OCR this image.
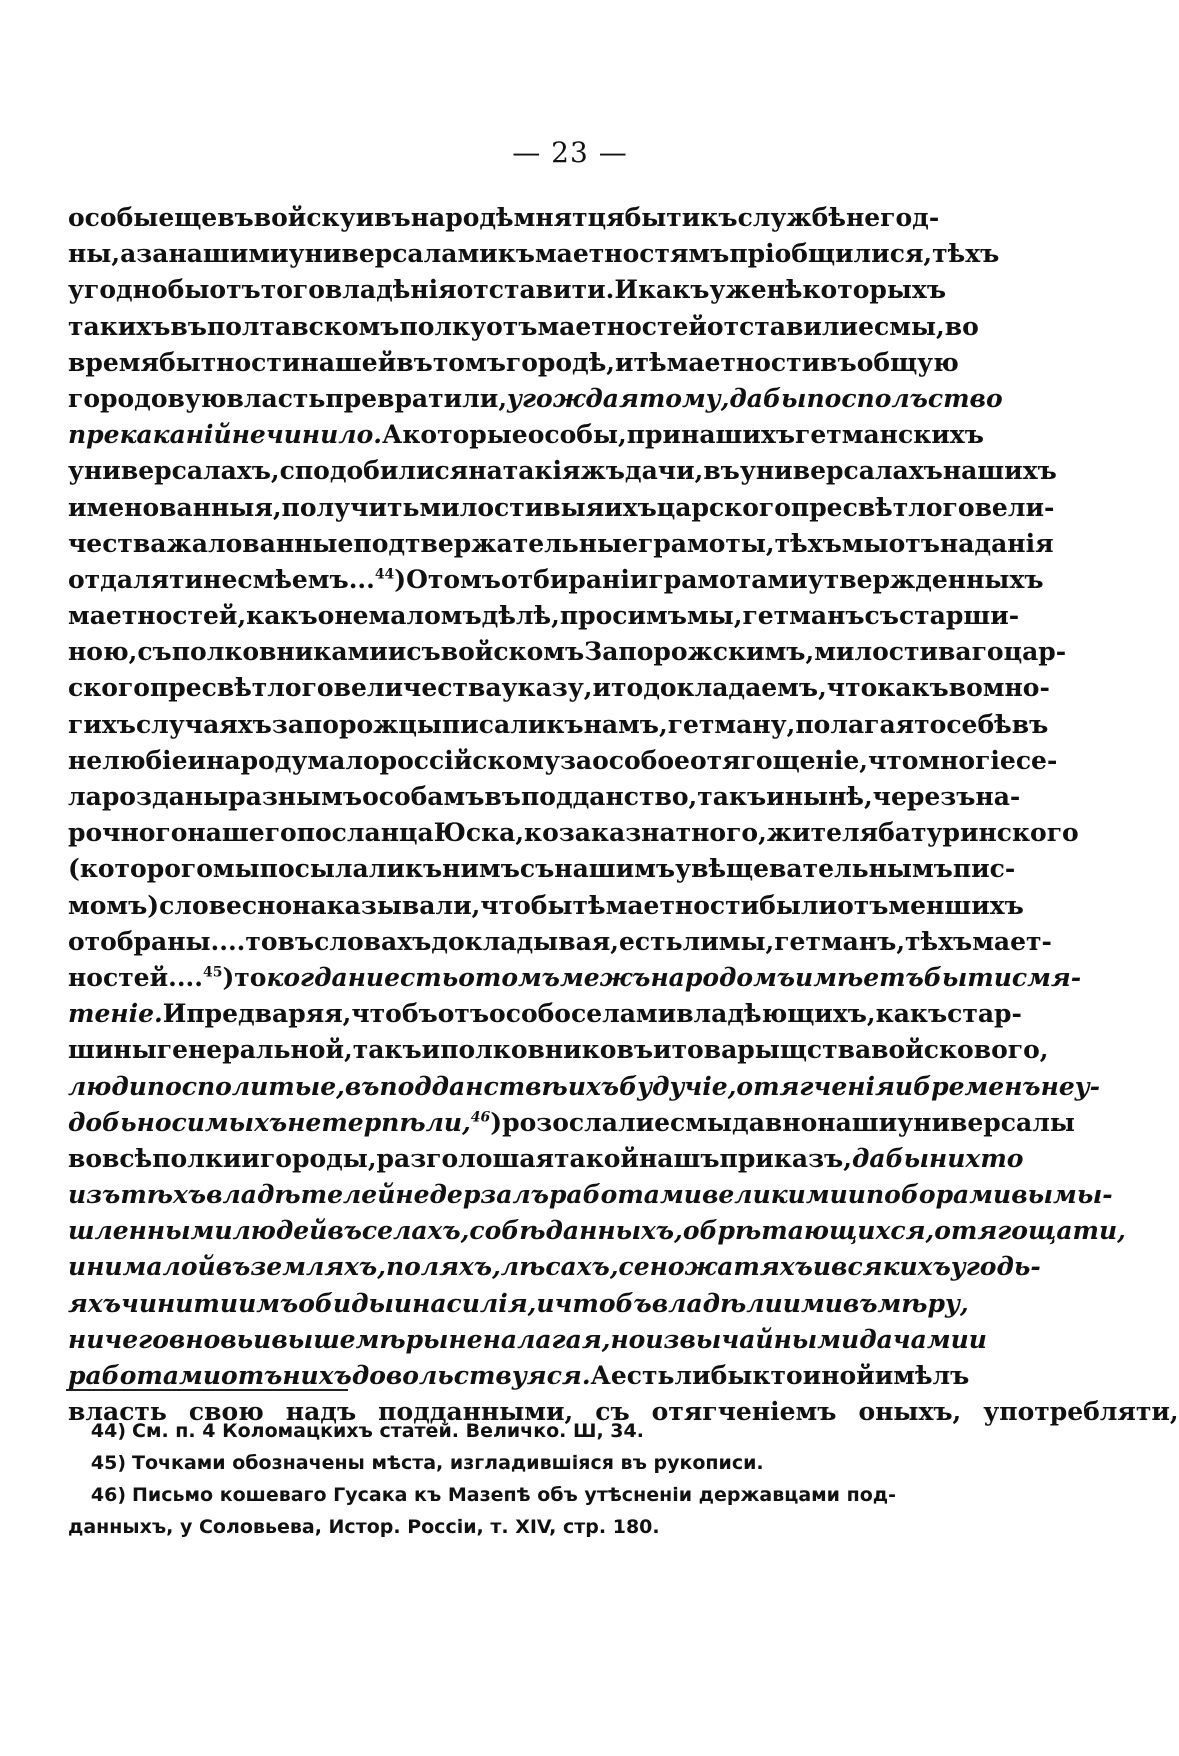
— 23 —
особы еще въ войску и въ народѣ мнятця быти къ службѣ не год-
ны, а за нашими универсалами къ маетностямъ пріобщилися, тѣхъ
угодно бы отъ того владѣнія отставити. И какъ уже нѣкоторыхъ
такихъ въ полтавскомъ полку отъ маетностей отставили есмы, во
время бытности нашей въ томъ городѣ, и тѣ маетности въ общую
городовую власть превратили, угождая тому, дабы посполъство
прекаканій не чинило. А которые особы, при нашихъ гетманскихъ
универсалахъ, сподобилися на такія жъ дачи, въ универсалахъ нашихъ
именованныя, получить милостивыя ихъ царского пресвѣтлого вели-
чества жалованные подтвержательные грамоты, тѣхъ мы отъ наданія
отдаляти не смѣемъ...$^{44}$ ) О томъ отбираніи грамотами утвержденныхъ
маетностей, какъ о не маломъ дѣлѣ, просимъ мы, гетманъ съ старши-
ною, съ полковниками и съ войскомъ Запорожскимъ, милостиваго цар-
ского пресвѣтлого величества указу, и то докладаемъ, что какъ во мно-
гихъ случаяхъ запорожцы писали къ намъ, гетману, полагая то себѣ въ
нелюбіе и народу малороссійскому за особое отягощеніе, что многіе се-
ла розданы разнымъ особамъ въ подданство, такъ и нынѣ, черезъ на-
рочного нашего посланца Юска, козака знатного, жителя батуринского
(которого мы посылали къ нимъ съ нашимъ увѣщевательнымъ пис-
момъ) словесно наказывали, чтобы тѣ маетности были отъ меншихъ
отобраны.... то въ словахъ докладывая, есть ли мы, гетманъ, тѣхъ мает-
ностей....$^{45}$ ) то когда ни есть о томъ межъ народомъ имѣетъ быти смя-
теніе. И предваряя, чтобъ отъ особо селами владѣющихъ, какъ стар-
шины генеральной, такъ и полковниковъ и товарыщства войскового,
люди посполитые, въ подданствѣ ихъ будучіе, отягченія и бременъ неу-
добь носимыхъ не терпѣли,$^{46}$ ) розослали есмы давно наши универсалы
во всѣ полки и городы, разголошая такой нашъ приказъ, дабы нихто
изъ тѣхъ владѣтелей не дерзалъ работами великими и поборами вымы-
шленными людей въ селахъ, собѣ данныхъ, обрѣтающихся, отягощати,
и ни малой въ земляхъ, поляхъ, лѣсахъ, сеножатяхъ и всякихъ угодь-
яхъ чинити имъ обиды и насилія, и чтобъ владѣли ими въ мѣру,
ничего вновь и выше мѣры не налагая, но извычайными дачами и
работами отъ нихъ довольствуяся. А есть ли бы кто иной имѣлъ
власть свою надъ подданными, съ отягченіемъ оныхъ, употребляти,
44) См. п. 4 Коломацкихъ статей. Величко. Ш, 34.
45) Точками обозначены мѣста, изгладившіяся въ рукописи.
46) Письмо кошеваго Гусака къ Мазепѣ объ утѣсненіи державцами под-
данныхъ, у Соловьева, Истор. Россіи, т. XIV, стр. 180.
